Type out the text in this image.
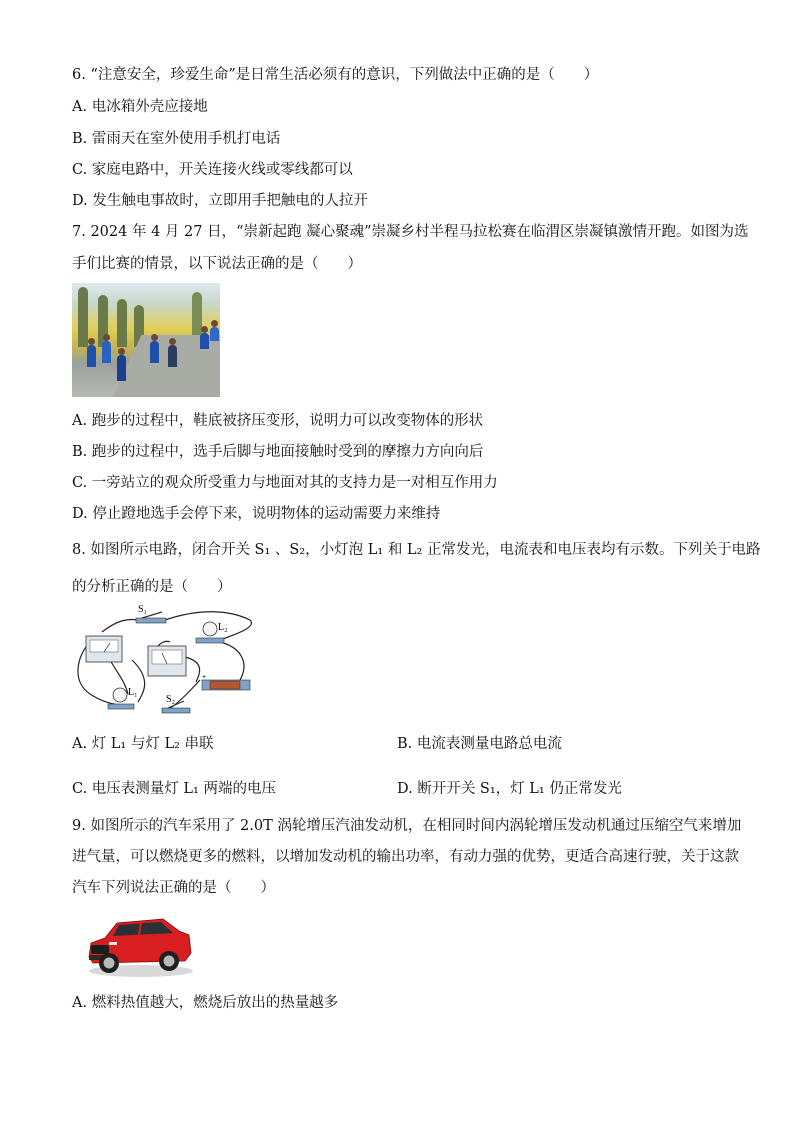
6. “注意安全，珍爱生命”是日常生活必须有的意识，下列做法中正确的是（　　）
A. 电冰箱外壳应接地
B. 雷雨天在室外使用手机打电话
C. 家庭电路中，开关连接火线或零线都可以
D. 发生触电事故时，立即用手把触电的人拉开
7. 2024 年 4 月 27 日，“崇新起跑 凝心聚魂”崇凝乡村半程马拉松赛在临渭区崇凝镇激情开跑。如图为选
手们比赛的情景，以下说法正确的是（　　）
A. 跑步的过程中，鞋底被挤压变形，说明力可以改变物体的形状
B. 跑步的过程中，选手后脚与地面接触时受到的摩擦力方向向后
C. 一旁站立的观众所受重力与地面对其的支持力是一对相互作用力
D. 停止蹬地选手会停下来，说明物体的运动需要力来维持
8. 如图所示电路，闭合开关 S₁ 、S₂，小灯泡 L₁ 和 L₂ 正常发光，电流表和电压表均有示数。下列关于电路
的分析正确的是（　　）
S₁
L₂
+
L₁
S₂
A. 灯 L₁ 与灯 L₂ 串联	B. 电流表测量电路总电流
C. 电压表测量灯 L₁ 两端的电压	D. 断开开关 S₁，灯 L₁ 仍正常发光
9. 如图所示的汽车采用了 2.0T 涡轮增压汽油发动机，在相同时间内涡轮增压发动机通过压缩空气来增加
进气量，可以燃烧更多的燃料，以增加发动机的输出功率，有动力强的优势，更适合高速行驶，关于这款
汽车下列说法正确的是（　　）
A. 燃料热值越大，燃烧后放出的热量越多
